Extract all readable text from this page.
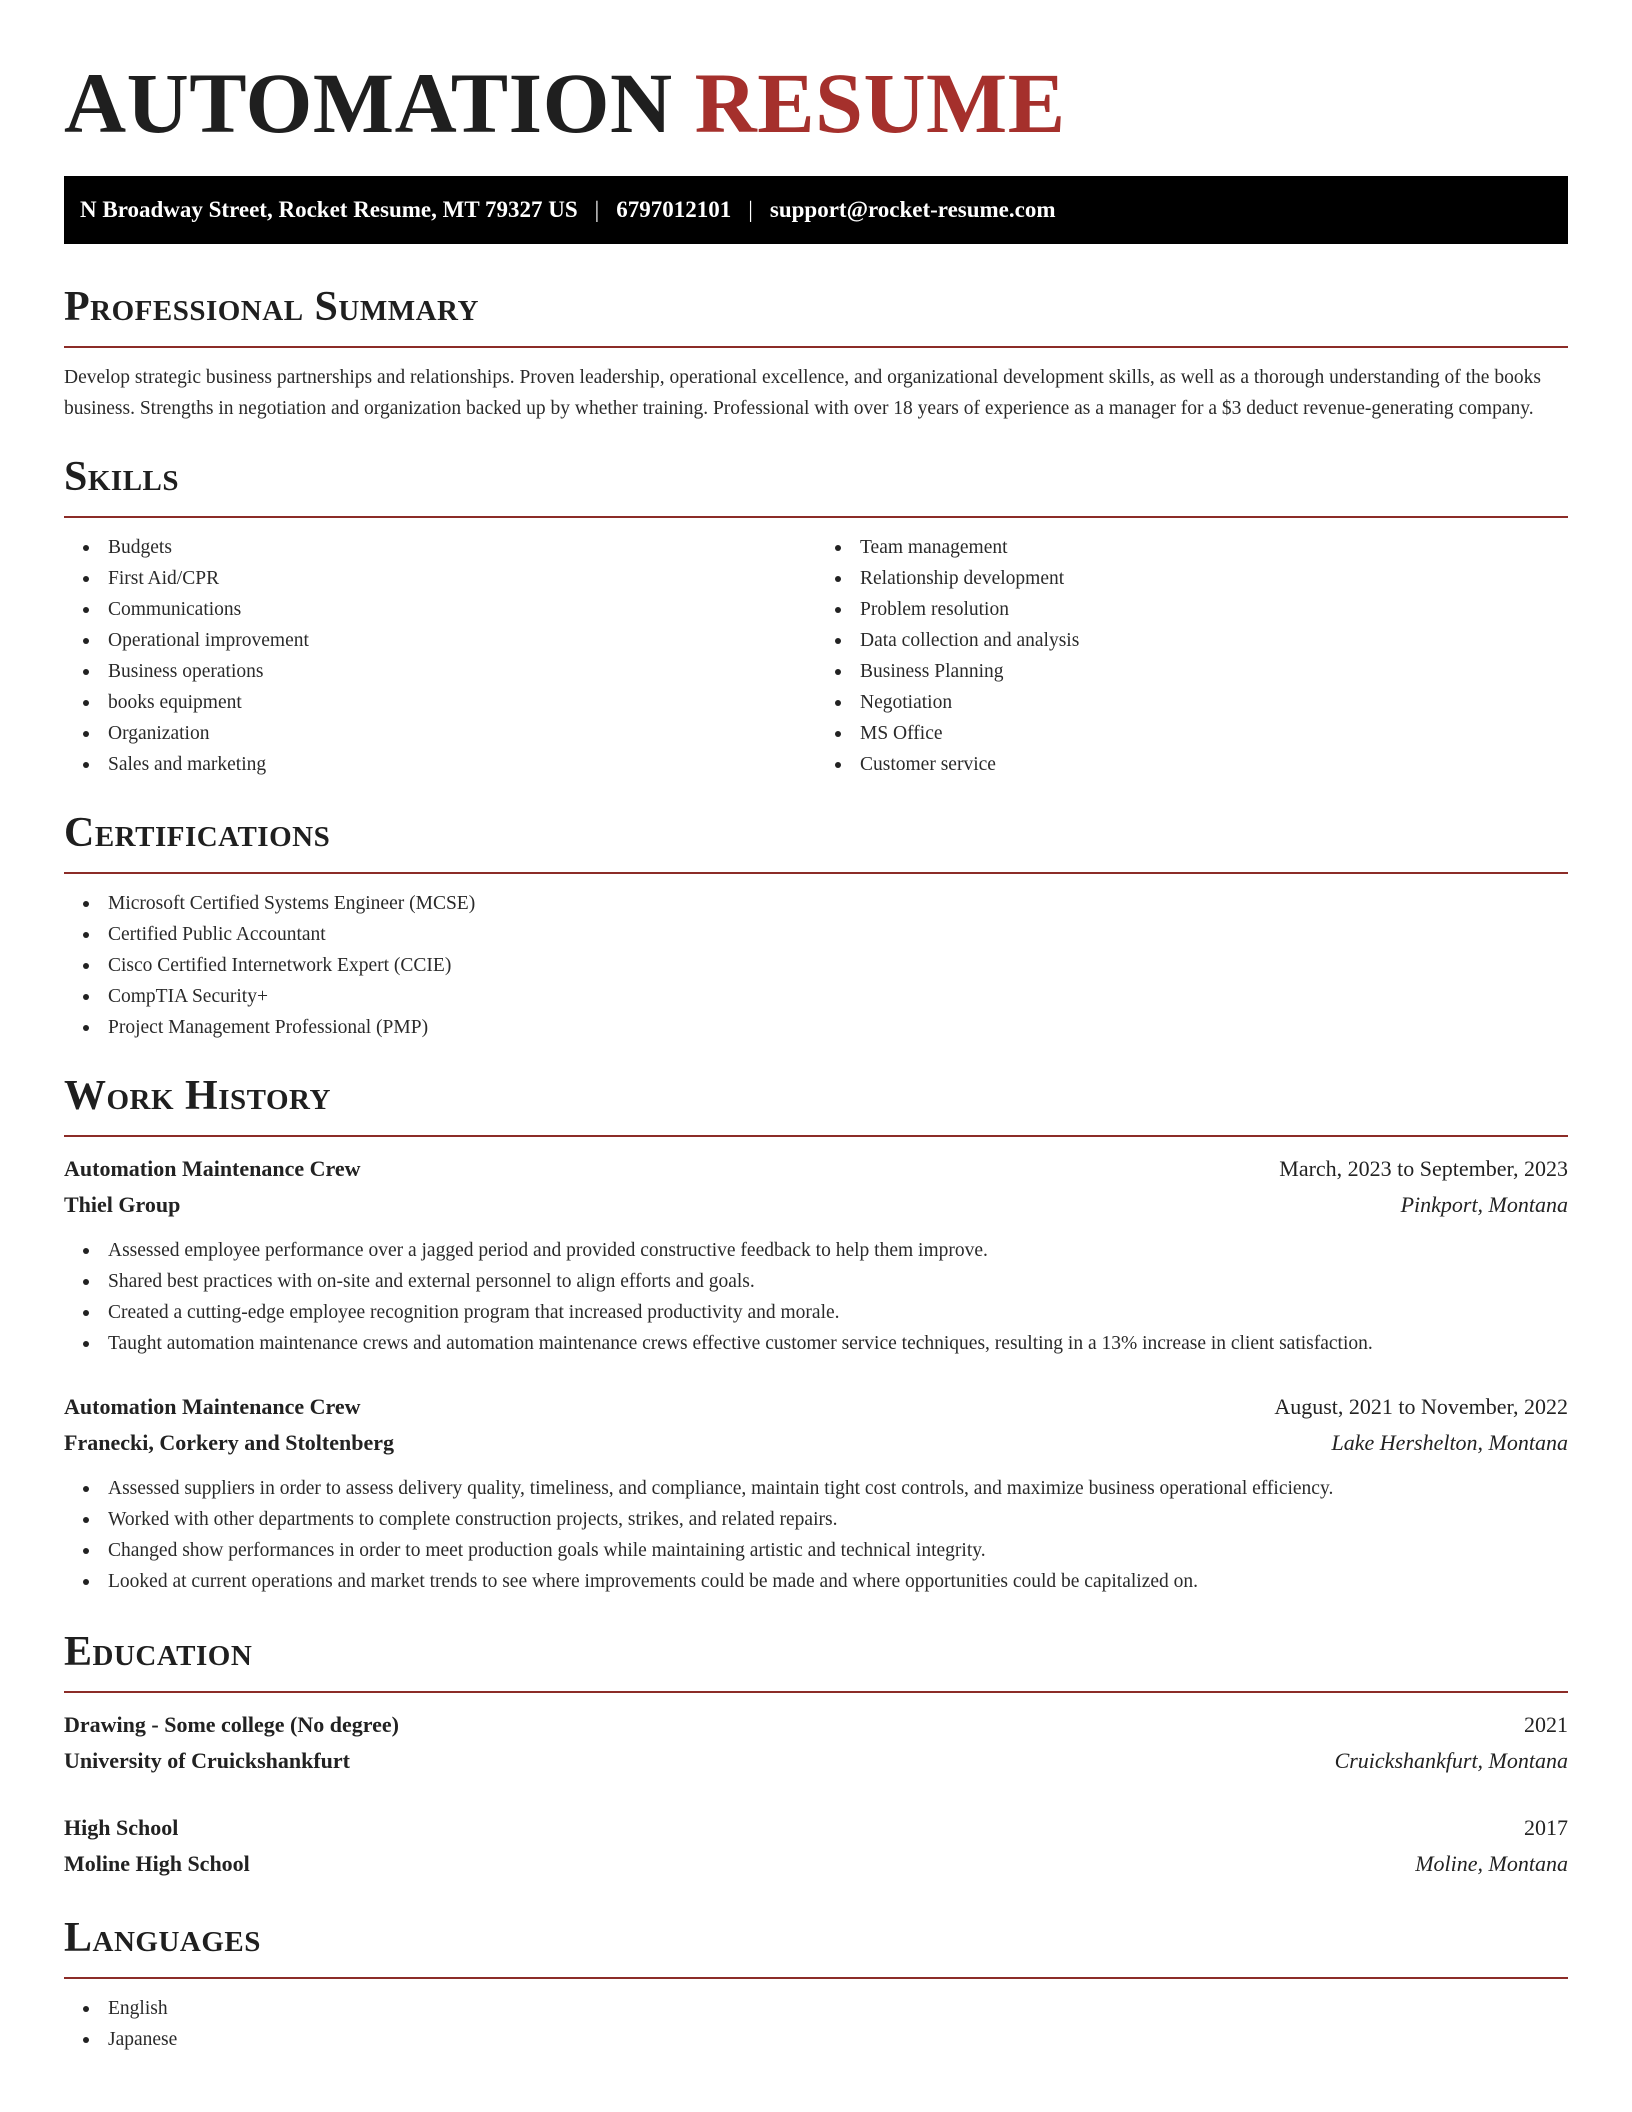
AUTOMATION RESUME
N Broadway Street, Rocket Resume, MT 79327 US | 6797012101 | support@rocket-resume.com
Professional Summary

Develop strategic business partnerships and relationships. Proven leadership, operational excellence, and organizational development skills, as well as a thorough understanding of the books business. Strengths in negotiation and organization backed up by whether training. Professional with over 18 years of experience as a manager for a $3 deduct revenue-generating company.

Skills
Budgets
First Aid/CPR
Communications
Operational improvement
Business operations
books equipment
Organization
Sales and marketing
Team management
Relationship development
Problem resolution
Data collection and analysis
Business Planning
Negotiation
MS Office
Customer service
Certifications
Microsoft Certified Systems Engineer (MCSE)
Certified Public Accountant
Cisco Certified Internetwork Expert (CCIE)
CompTIA Security+
Project Management Professional (PMP)
Work History
Automation Maintenance Crew	March, 2023 to September, 2023
Thiel Group	Pinkport, Montana
Assessed employee performance over a jagged period and provided constructive feedback to help them improve.
Shared best practices with on-site and external personnel to align efforts and goals.
Created a cutting-edge employee recognition program that increased productivity and morale.
Taught automation maintenance crews and automation maintenance crews effective customer service techniques, resulting in a 13% increase in client satisfaction.
Automation Maintenance Crew	August, 2021 to November, 2022
Franecki, Corkery and Stoltenberg	Lake Hershelton, Montana
Assessed suppliers in order to assess delivery quality, timeliness, and compliance, maintain tight cost controls, and maximize business operational efficiency.
Worked with other departments to complete construction projects, strikes, and related repairs.
Changed show performances in order to meet production goals while maintaining artistic and technical integrity.
Looked at current operations and market trends to see where improvements could be made and where opportunities could be capitalized on.
Education
Drawing - Some college (No degree)	2021
University of Cruickshankfurt	Cruickshankfurt, Montana
High School	2017
Moline High School	Moline, Montana
Languages
English
Japanese
